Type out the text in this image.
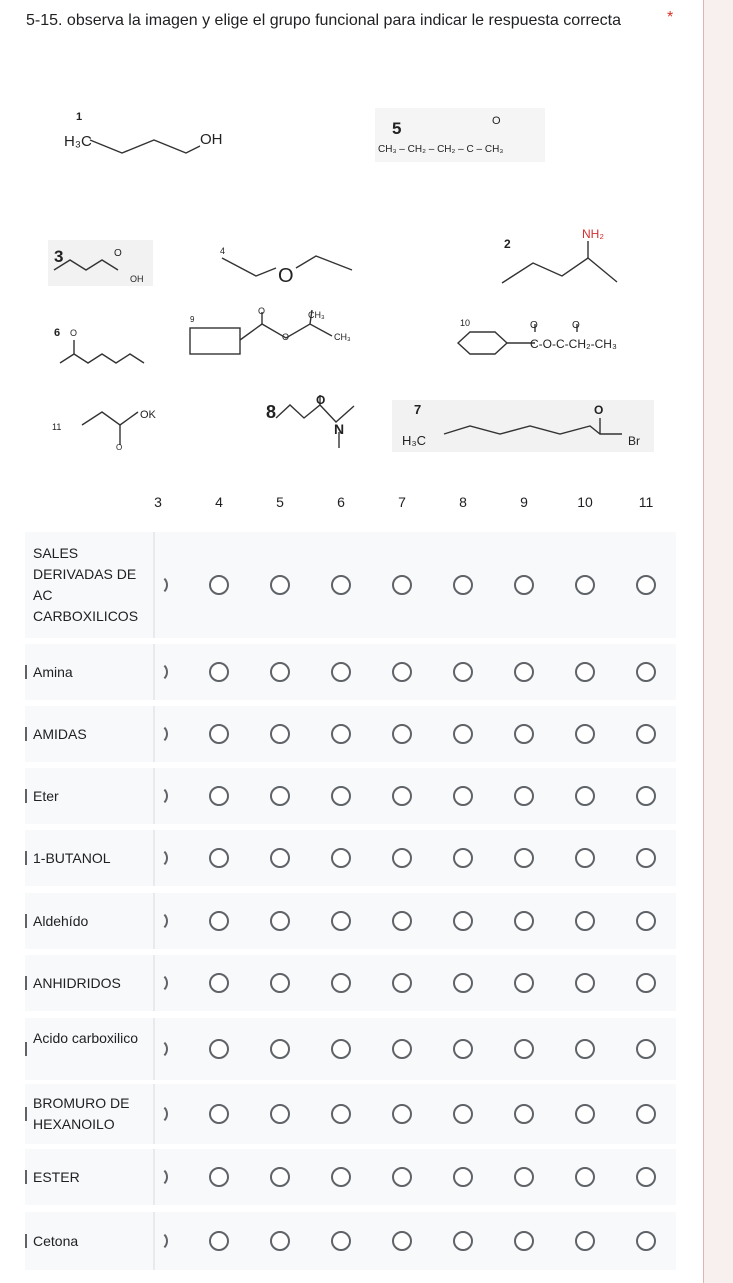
5-15. observa la imagen y elige el grupo funcional para indicar le respuesta correcta	*
1
5
3	4	2
6
9	10
11
8	7
H₃C	OH
O
CH₃ – CH₂ – CH₂ – C – CH₃
NH₂
O
OH	O
O
O
CH₃
CH₃
O	O
C-O-C-CH₂-CH₃
O
OK
O
O
N
H₃C
O
Br
3	4	5	6	7	8	9	10	11
SALES DERIVADAS DE AC CARBOXILICOS
Amina
AMIDAS
Eter
1-BUTANOL
Aldehído
ANHIDRIDOS
Acido carboxilico
BROMURO DE HEXANOILO
ESTER
Cetona
